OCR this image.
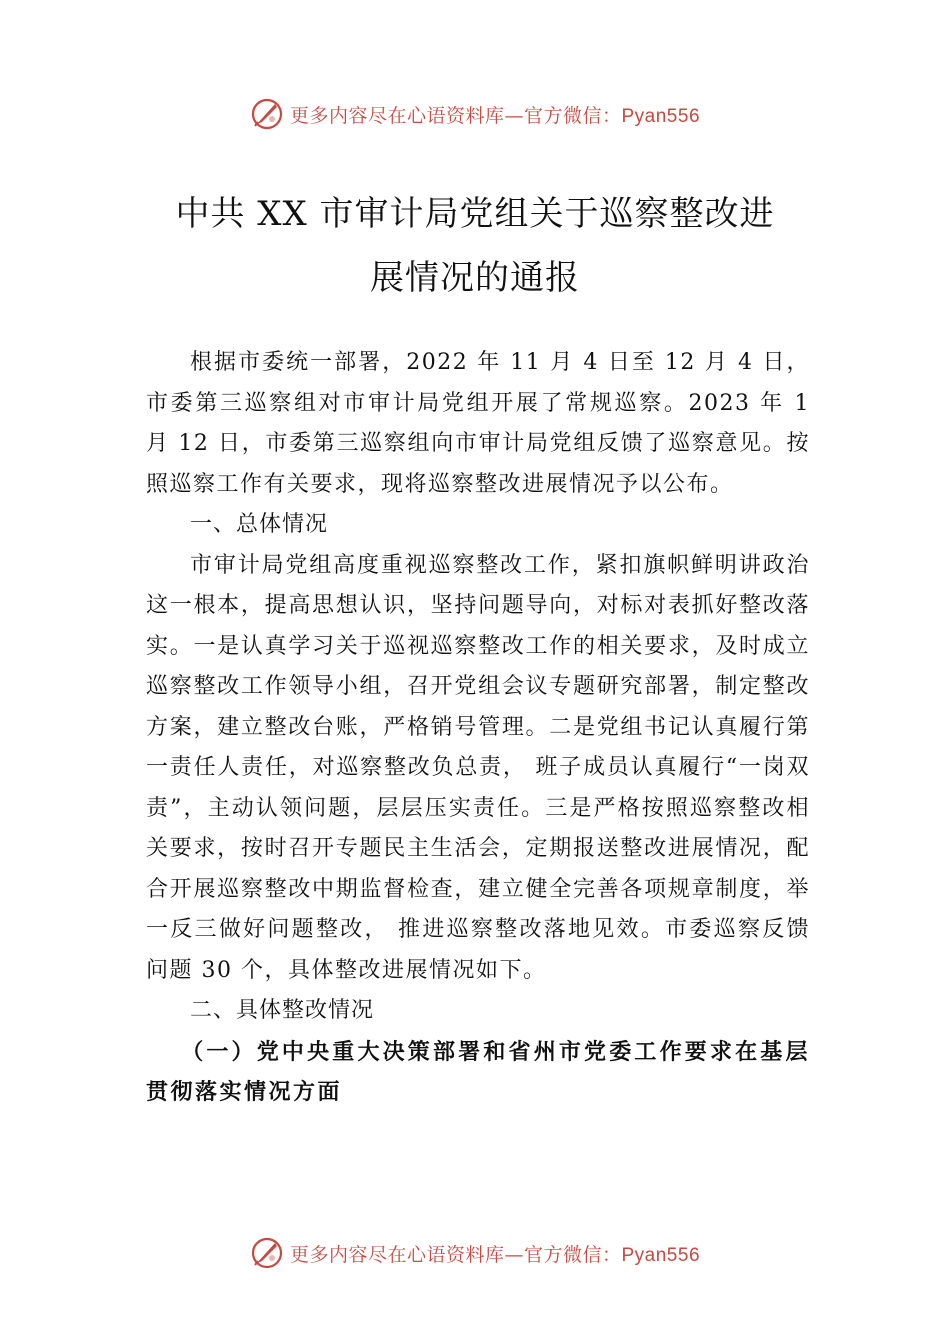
更多内容尽在心语资料库—官方微信：Pyan556
中共 XX 市审计局党组关于巡察整改进
展情况的通报

根据市委统一部署，2022 年 11 月 4 日至 12 月 4 日，市委第三巡察组对市审计局党组开展了常规巡察。2023 年 1 月 12 日，市委第三巡察组向市审计局党组反馈了巡察意见。按照巡察工作有关要求，现将巡察整改进展情况予以公布。

一、总体情况

市审计局党组高度重视巡察整改工作，紧扣旗帜鲜明讲政治这一根本，提高思想认识，坚持问题导向，对标对表抓好整改落实。一是认真学习关于巡视巡察整改工作的相关要求，及时成立巡察整改工作领导小组，召开党组会议专题研究部署，制定整改方案，建立整改台账，严格销号管理。二是党组书记认真履行第一责任人责任，对巡察整改负总责， 班子成员认真履行“一岗双责”，主动认领问题，层层压实责任。三是严格按照巡察整改相关要求，按时召开专题民主生活会，定期报送整改进展情况，配合开展巡察整改中期监督检查，建立健全完善各项规章制度，举一反三做好问题整改， 推进巡察整改落地见效。市委巡察反馈问题 30 个，具体整改进展情况如下。

二、具体整改情况

（一）党中央重大决策部署和省州市党委工作要求在基层贯彻落实情况方面

更多内容尽在心语资料库—官方微信：Pyan556
